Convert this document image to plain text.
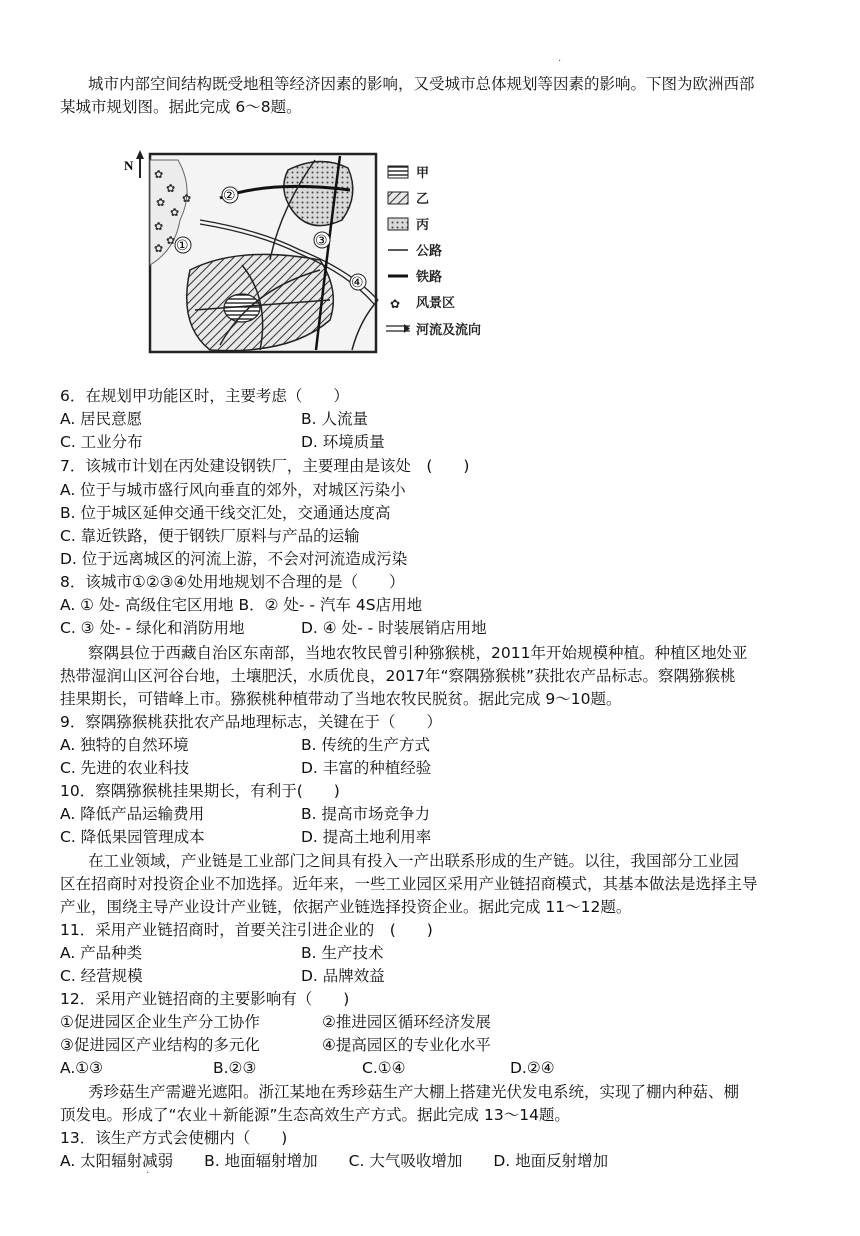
·
城市内部空间结构既受地租等经济因素的影响，又受城市总体规划等因素的影响。下图为欧洲西部
某城市规划图。据此完成 6～8题。
N
✿
✿
✿
✿
✿
✿
✿
✿ ①
②
③
④
甲
乙
丙
公路
铁路
✿ 风景区
河流及流向
6．在规划甲功能区时，主要考虑（　　）
A. 居民意愿	B. 人流量
C. 工业分布	D. 环境质量
7．该城市计划在丙处建设钢铁厂，主要理由是该处　(　　)
A. 位于与城市盛行风向垂直的郊外，对城区污染小
B. 位于城区延伸交通干线交汇处，交通通达度高
C. 靠近铁路，便于钢铁厂原料与产品的运输
D. 位于远离城区的河流上游，不会对河流造成污染
8．该城市①②③④处用地规划不合理的是（　　）
A. ① 处- 高级住宅区用地 B．② 处- - 汽车 4S店用地
C. ③ 处- - 绿化和消防用地	D. ④ 处- - 时装展销店用地
察隅县位于西藏自治区东南部，当地农牧民曾引种猕猴桃，2011年开始规模种植。种植区地处亚
热带湿润山区河谷台地，土壤肥沃，水质优良，2017年“察隅猕猴桃”获批农产品标志。察隅猕猴桃
挂果期长，可错峰上市。猕猴桃种植带动了当地农牧民脱贫。据此完成 9～10题。
9．察隅猕猴桃获批农产品地理标志，关键在于（　　）
A. 独特的自然环境	B. 传统的生产方式
C. 先进的农业科技	D. 丰富的种植经验
10．察隅猕猴桃挂果期长，有利于(　　)
A. 降低产品运输费用	B. 提高市场竞争力
C. 降低果园管理成本	D. 提高土地利用率
在工业领域，产业链是工业部门之间具有投入一产出联系形成的生产链。以往，我国部分工业园
区在招商时对投资企业不加选择。近年来，一些工业园区采用产业链招商模式，其基本做法是选择主导
产业，围绕主导产业设计产业链，依据产业链选择投资企业。据此完成 11～12题。
11．采用产业链招商时，首要关注引进企业的　(　　)
A. 产品种类	B. 生产技术
C. 经营规模	D. 品牌效益
12．采用产业链招商的主要影响有（　　)
①促进园区企业生产分工协作	②推进园区循环经济发展
③促进园区产业结构的多元化	④提高园区的专业化水平
A.①③	B.②③	C.①④	D.②④
秀珍菇生产需避光遮阳。浙江某地在秀珍菇生产大棚上搭建光伏发电系统，实现了棚内种菇、棚
顶发电。形成了“农业＋新能源”生态高效生产方式。据此完成 13～14题。
13．该生产方式会使棚内（　　)
A. 太阳辐射减弱　　B. 地面辐射增加　　C. 大气吸收增加　　D. 地面反射增加
·
